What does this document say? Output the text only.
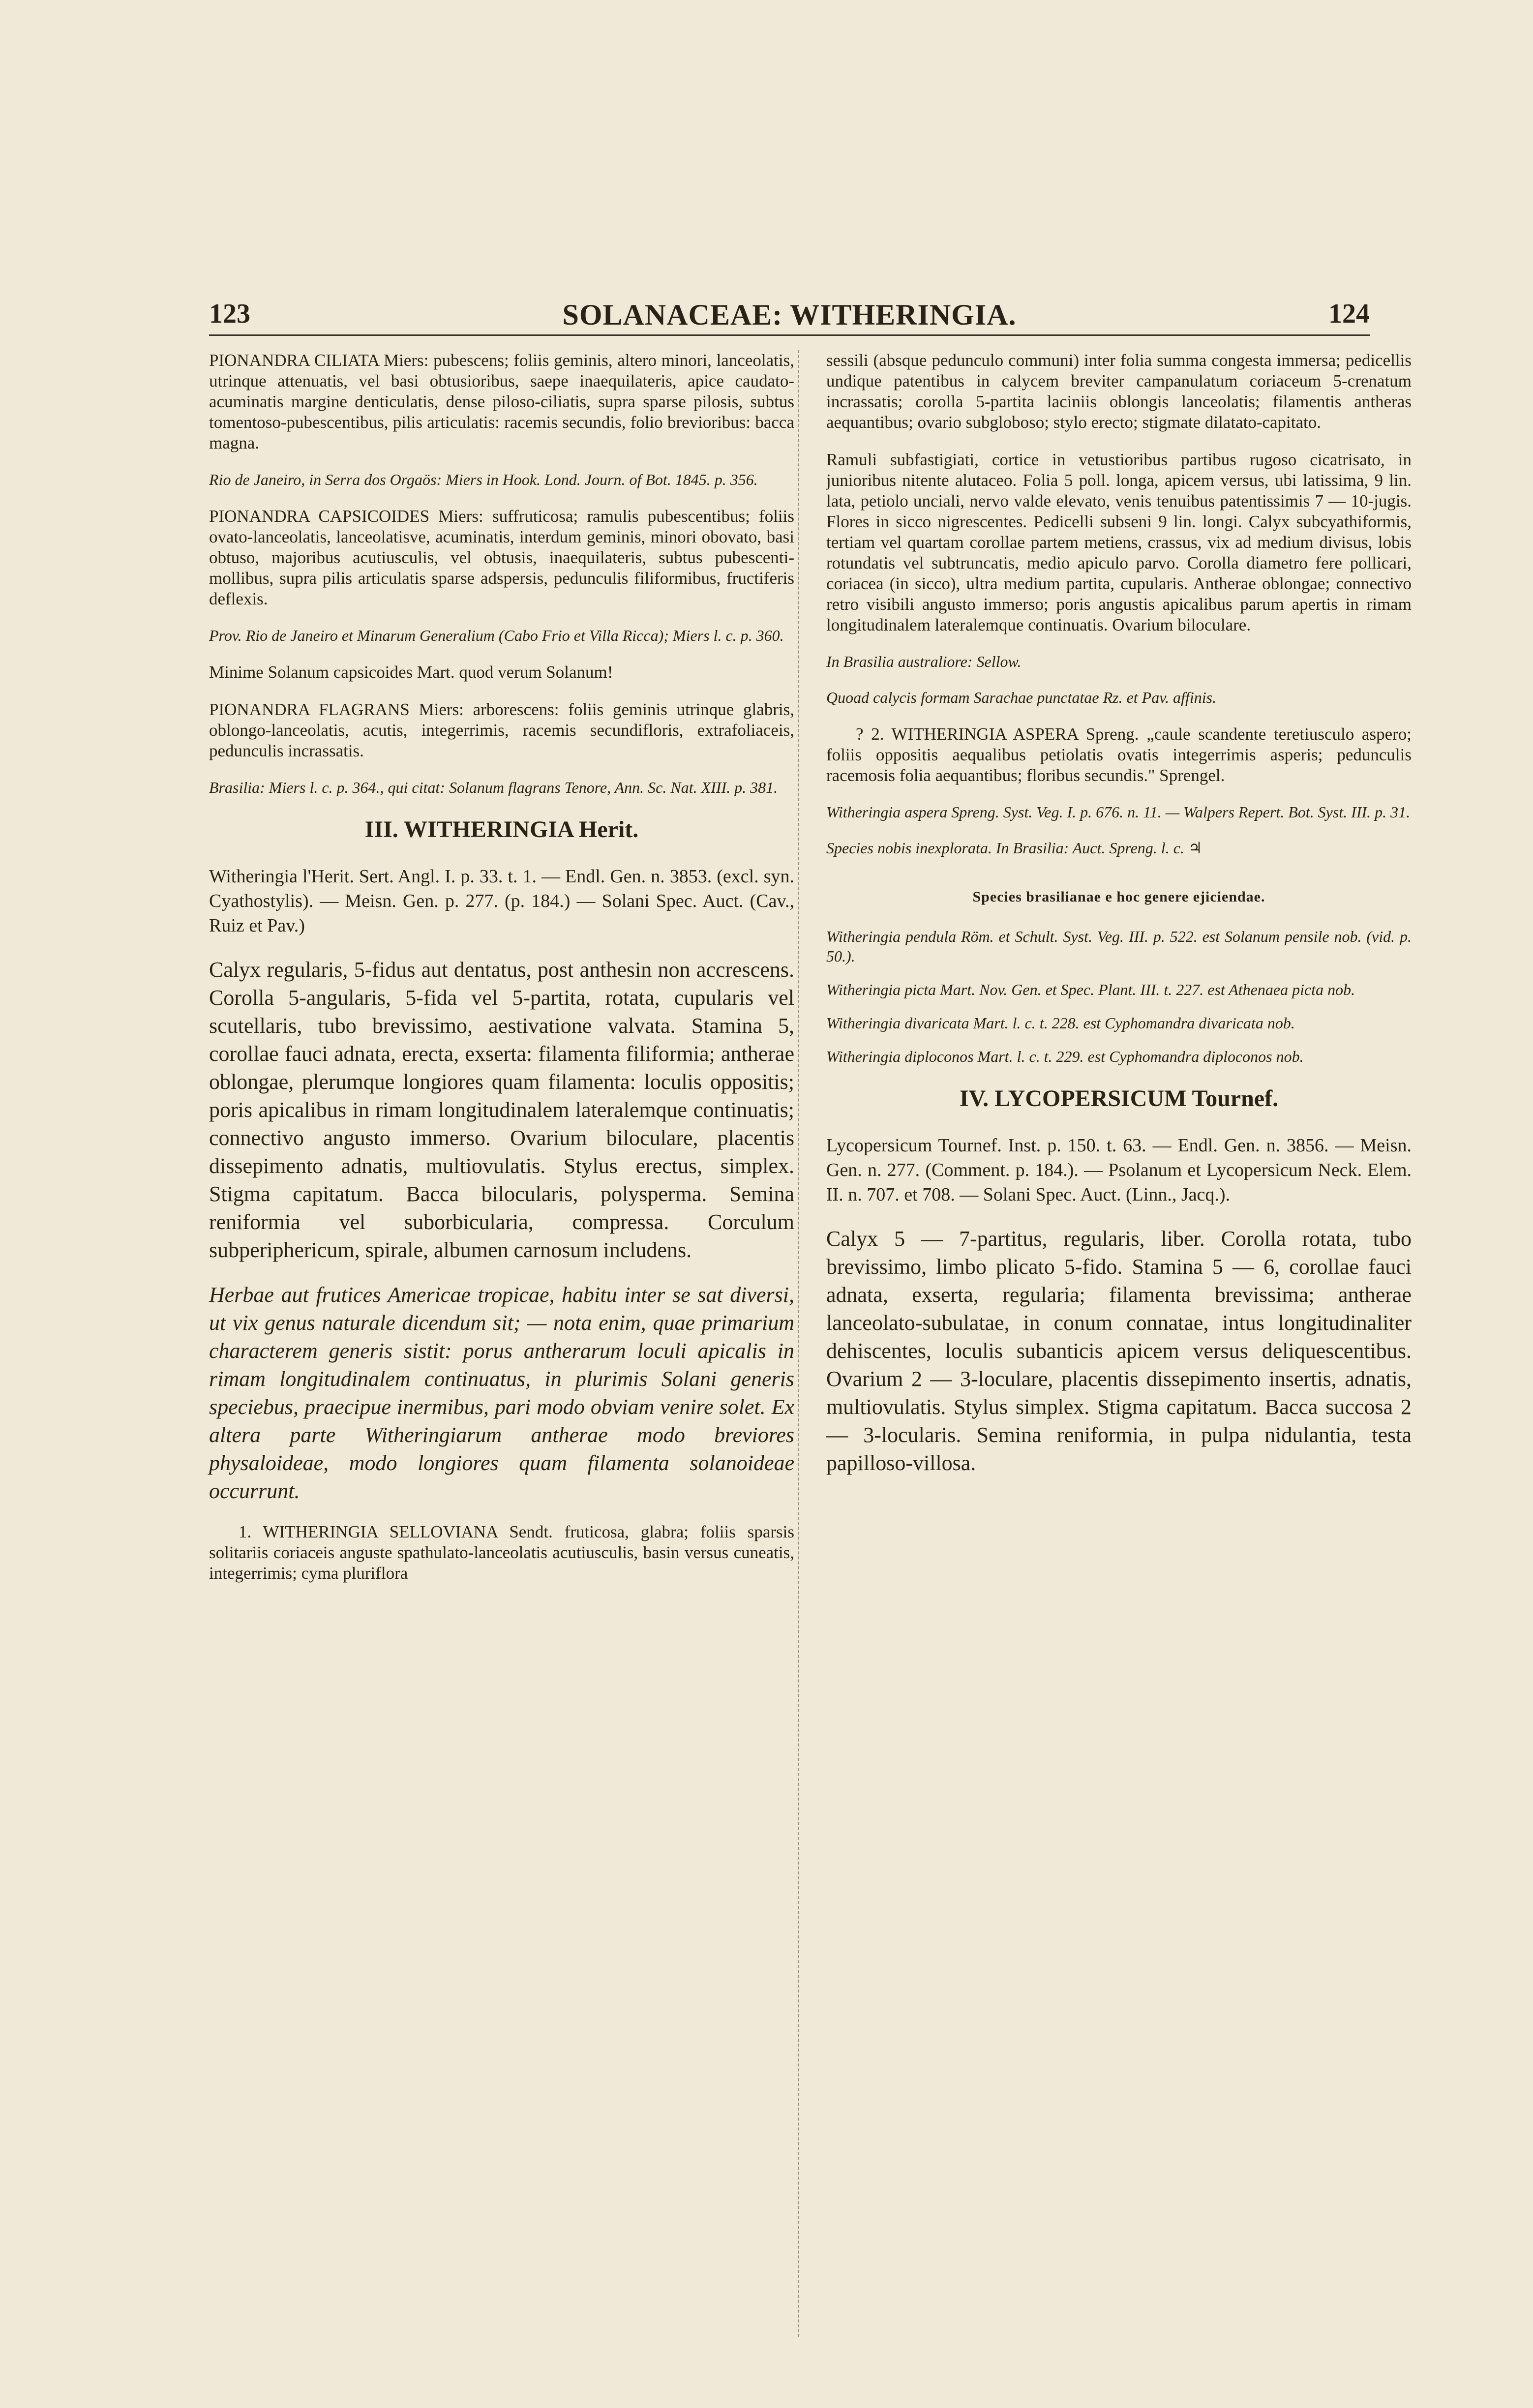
123	SOLANACEAE: WITHERINGIA.	124

PIONANDRA CILIATA Miers: pubescens; foliis geminis, altero minori, lanceolatis, utrinque attenuatis, vel basi obtusioribus, saepe inaequilateris, apice caudato-acuminatis margine denticulatis, dense piloso-ciliatis, supra sparse pilosis, subtus tomentoso-pubescentibus, pilis articulatis: racemis secundis, folio brevioribus: bacca magna.

Rio de Janeiro, in Serra dos Orgaös: Miers in Hook. Lond. Journ. of Bot. 1845. p. 356.

PIONANDRA CAPSICOIDES Miers: suffruticosa; ramulis pubescentibus; foliis ovato-lanceolatis, lanceolatisve, acuminatis, interdum geminis, minori obovato, basi obtuso, majoribus acutiusculis, vel obtusis, inaequilateris, subtus pubescenti-mollibus, supra pilis articulatis sparse adspersis, pedunculis filiformibus, fructiferis deflexis.

Prov. Rio de Janeiro et Minarum Generalium (Cabo Frio et Villa Ricca); Miers l. c. p. 360.

Minime Solanum capsicoides Mart. quod verum Solanum!

PIONANDRA FLAGRANS Miers: arborescens: foliis geminis utrinque glabris, oblongo-lanceolatis, acutis, integerrimis, racemis secundifloris, extrafoliaceis, pedunculis incrassatis.

Brasilia: Miers l. c. p. 364., qui citat: Solanum flagrans Tenore, Ann. Sc. Nat. XIII. p. 381.

III. WITHERINGIA Herit.

Witheringia l'Herit. Sert. Angl. I. p. 33. t. 1. — Endl. Gen. n. 3853. (excl. syn. Cyathostylis). — Meisn. Gen. p. 277. (p. 184.) — Solani Spec. Auct. (Cav., Ruiz et Pav.)

Calyx regularis, 5-fidus aut dentatus, post anthesin non accrescens. Corolla 5-angularis, 5-fida vel 5-partita, rotata, cupularis vel scutellaris, tubo brevissimo, aestivatione valvata. Stamina 5, corollae fauci adnata, erecta, exserta: filamenta filiformia; antherae oblongae, plerumque longiores quam filamenta: loculis oppositis; poris apicalibus in rimam longitudinalem lateralemque continuatis; connectivo angusto immerso. Ovarium biloculare, placentis dissepimento adnatis, multiovulatis. Stylus erectus, simplex. Stigma capitatum. Bacca bilocularis, polysperma. Semina reniformia vel suborbicularia, compressa. Corculum subperiphericum, spirale, albumen carnosum includens.

Herbae aut frutices Americae tropicae, habitu inter se sat diversi, ut vix genus naturale dicendum sit; — nota enim, quae primarium characterem generis sistit: porus antherarum loculi apicalis in rimam longitudinalem continuatus, in plurimis Solani generis speciebus, praecipue inermibus, pari modo obviam venire solet. Ex altera parte Witheringiarum antherae modo breviores physaloideae, modo longiores quam filamenta solanoideae occurrunt.

1. WITHERINGIA SELLOVIANA Sendt. fruticosa, glabra; foliis sparsis solitariis coriaceis anguste spathulato-lanceolatis acutiusculis, basin versus cuneatis, integerrimis; cyma pluriflora

sessili (absque pedunculo communi) inter folia summa congesta immersa; pedicellis undique patentibus in calycem breviter campanulatum coriaceum 5-crenatum incrassatis; corolla 5-partita laciniis oblongis lanceolatis; filamentis antheras aequantibus; ovario subgloboso; stylo erecto; stigmate dilatato-capitato.

Ramuli subfastigiati, cortice in vetustioribus partibus rugoso cicatrisato, in junioribus nitente alutaceo. Folia 5 poll. longa, apicem versus, ubi latissima, 9 lin. lata, petiolo unciali, nervo valde elevato, venis tenuibus patentissimis 7 — 10-jugis. Flores in sicco nigrescentes. Pedicelli subseni 9 lin. longi. Calyx subcyathiformis, tertiam vel quartam corollae partem metiens, crassus, vix ad medium divisus, lobis rotundatis vel subtruncatis, medio apiculo parvo. Corolla diametro fere pollicari, coriacea (in sicco), ultra medium partita, cupularis. Antherae oblongae; connectivo retro visibili angusto immerso; poris angustis apicalibus parum apertis in rimam longitudinalem lateralemque continuatis. Ovarium biloculare.

In Brasilia australiore: Sellow.

Quoad calycis formam Sarachae punctatae Rz. et Pav. affinis.

? 2. WITHERINGIA ASPERA Spreng. „caule scandente teretiusculo aspero; foliis oppositis aequalibus petiolatis ovatis integerrimis asperis; pedunculis racemosis folia aequantibus; floribus secundis." Sprengel.

Witheringia aspera Spreng. Syst. Veg. I. p. 676. n. 11. — Walpers Repert. Bot. Syst. III. p. 31.

Species nobis inexplorata. In Brasilia: Auct. Spreng. l. c. ♃

Species brasilianae e hoc genere ejiciendae.

Witheringia pendula Röm. et Schult. Syst. Veg. III. p. 522. est Solanum pensile nob. (vid. p. 50.).

Witheringia picta Mart. Nov. Gen. et Spec. Plant. III. t. 227. est Athenaea picta nob.

Witheringia divaricata Mart. l. c. t. 228. est Cyphomandra divaricata nob.

Witheringia diploconos Mart. l. c. t. 229. est Cyphomandra diploconos nob.

IV. LYCOPERSICUM Tournef.

Lycopersicum Tournef. Inst. p. 150. t. 63. — Endl. Gen. n. 3856. — Meisn. Gen. n. 277. (Comment. p. 184.). — Psolanum et Lycopersicum Neck. Elem. II. n. 707. et 708. — Solani Spec. Auct. (Linn., Jacq.).

Calyx 5 — 7-partitus, regularis, liber. Corolla rotata, tubo brevissimo, limbo plicato 5-fido. Stamina 5 — 6, corollae fauci adnata, exserta, regularia; filamenta brevissima; antherae lanceolato-subulatae, in conum connatae, intus longitudinaliter dehiscentes, loculis subanticis apicem versus deliquescentibus. Ovarium 2 — 3-loculare, placentis dissepimento insertis, adnatis, multiovulatis. Stylus simplex. Stigma capitatum. Bacca succosa 2 — 3-locularis. Semina reniformia, in pulpa nidulantia, testa papilloso-villosa.
